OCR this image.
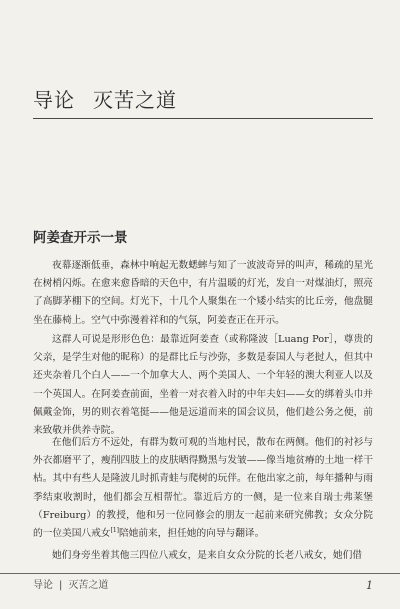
导论 灭苦之道
阿姜查开示一景

夜幕逐渐低垂，森林中响起无数蟋蟀与知了一波波奇异的叫声，稀疏的星光在树梢闪烁。在愈来愈昏暗的天色中，有片温暖的灯光，发自一对煤油灯，照亮了高脚茅棚下的空间。灯光下，十几个人聚集在一个矮小结实的比丘旁，他盘腿坐在藤椅上。空气中弥漫着祥和的气氛，阿姜查正在开示。

这群人可说是形形色色：最靠近阿姜查（或称隆波［Luang Por］，尊贵的父亲，是学生对他的昵称）的是群比丘与沙弥，多数是泰国人与老挝人，但其中还夹杂着几个白人——一个加拿大人、两个美国人、一个年轻的澳大利亚人以及一个英国人。在阿姜查前面，坐着一对衣着入时的中年夫妇——女的绑着头巾并佩戴金饰，男的则衣着笔挺——他是远道而来的国会议员，他们趁公务之便，前来致敬并供养寺院。

在他们后方不远处，有群为数可观的当地村民，散布在两侧。他们的衬衫与外衣都磨平了，瘦削四肢上的皮肤晒得黝黑与发皱——像当地贫瘠的土地一样干枯。其中有些人是隆波儿时抓青蛙与爬树的玩伴。在他出家之前，每年播种与雨季结束收割时，他们都会互相帮忙。靠近后方的一侧，是一位来自瑞士弗莱堡（Freiburg）的教授，他和另一位同修会的朋友一起前来研究佛教；女众分院的一位美国八戒女[1]陪她前来，担任她的向导与翻译。

她们身旁坐着其他三四位八戒女，是来自女众分院的长老八戒女，她们借

导论 | 灭苦之道	1
